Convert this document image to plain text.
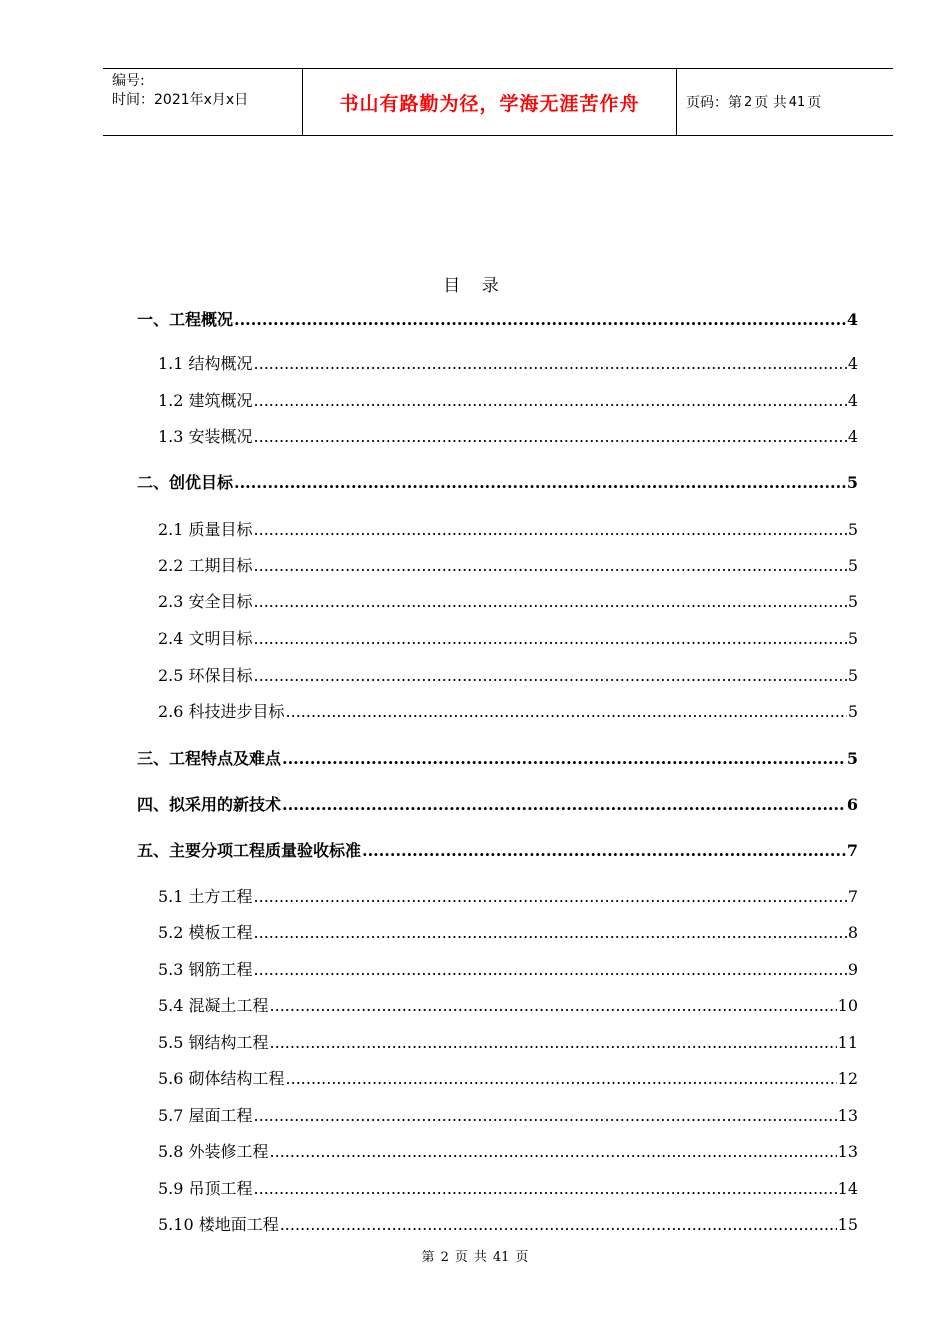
编号:
时间：2021年x月x日	书山有路勤为径，学海无涯苦作舟	页码：第 2 页 共 41 页
目 录
一、工程概况 .....	4
1.1 结构概况 .....	4
1.2 建筑概况 .....	4
1.3 安装概况 .....	4
二、创优目标 .....	5
2.1 质量目标 .....	5
2.2 工期目标 .....	5
2.3 安全目标 .....	5
2.4 文明目标 .....	5
2.5 环保目标 .....	5
2.6 科技进步目标 .....	5
三、工程特点及难点 .....	5
四、拟采用的新技术 .....	6
五、主要分项工程质量验收标准 .....	7
5.1 土方工程 .....	7
5.2 模板工程 .....	8
5.3 钢筋工程 .....	9
5.4 混凝土工程 .....	10
5.5 钢结构工程 .....	11
5.6 砌体结构工程 .....	12
5.7 屋面工程 .....	13
5.8 外装修工程 .....	13
5.9 吊顶工程 .....	14
5.10 楼地面工程 .....	15
第 2 页 共 41 页
